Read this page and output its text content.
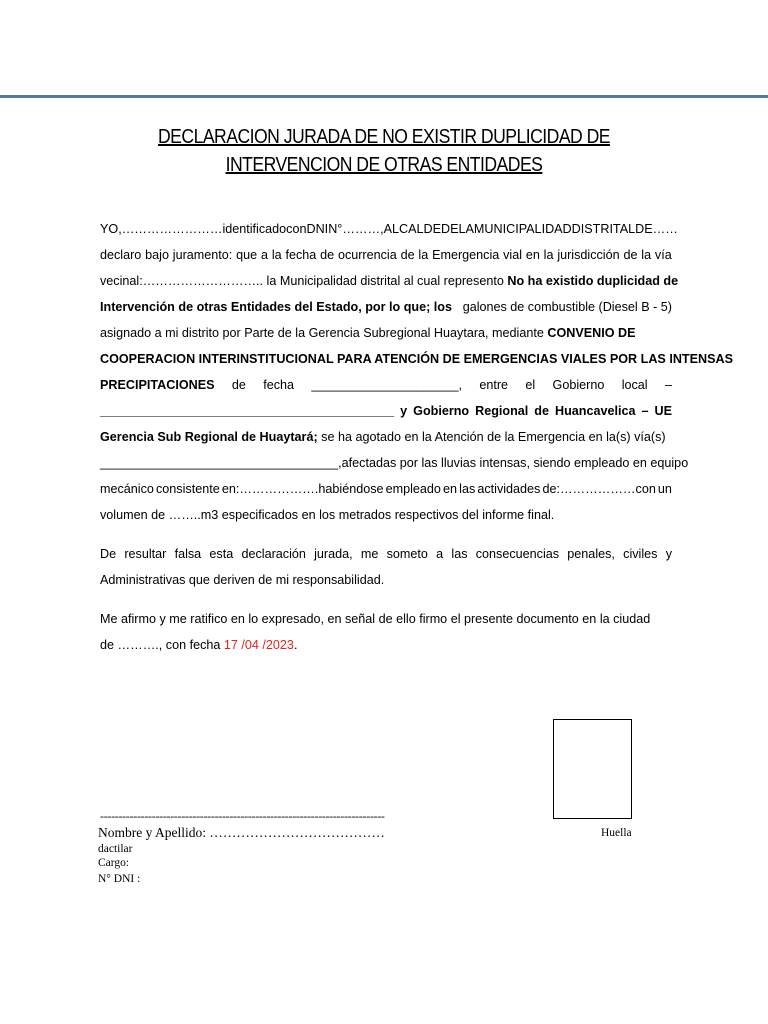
DECLARACION JURADA DE NO EXISTIR DUPLICIDAD DE
INTERVENCION DE OTRAS ENTIDADES
YO, ……………………identificado con DNI N° ………, ALCALDE DE LA MUNICIPALIDAD DISTRITAL DE……
declaro bajo juramento: que a la fecha de ocurrencia de la Emergencia vial en la jurisdicción de la vía
vecinal:……………………….. la Municipalidad distrital al cual represento No ha existido duplicidad de
Intervención de otras Entidades del Estado, por lo que; los galones de combustible (Diesel B - 5)
asignado a mi distrito por Parte de la Gerencia Subregional Huaytara, mediante CONVENIO DE
COOPERACION INTERINSTITUCIONAL PARA ATENCIÓN DE EMERGENCIAS VIALES POR LAS INTENSAS
PRECIPITACIONES de fecha _____________________, entre el Gobierno local –
__________________________________________ y Gobierno Regional de Huancavelica – UE
Gerencia Sub Regional de Huaytará; se ha agotado en la Atención de la Emergencia en la(s) vía(s)
__________________________________,afectadas por las lluvias intensas, siendo empleado en equipo
mecánico consistente en:……………….habiéndose empleado en las actividades de:………………con un
volumen de ……..m3 especificados en los metrados respectivos del informe final.
De resultar falsa esta declaración jurada, me someto a las consecuencias penales, civiles y
Administrativas que deriven de mi responsabilidad.
Me afirmo y me ratifico en lo expresado, en señal de ello firmo el presente documento en la ciudad
de ………., con fecha 17 /04 /2023 .
Huella
-----------------------------------------------------------------------------
Nombre y Apellido: …………………………………
dactilar
Cargo:
N° DNI :
